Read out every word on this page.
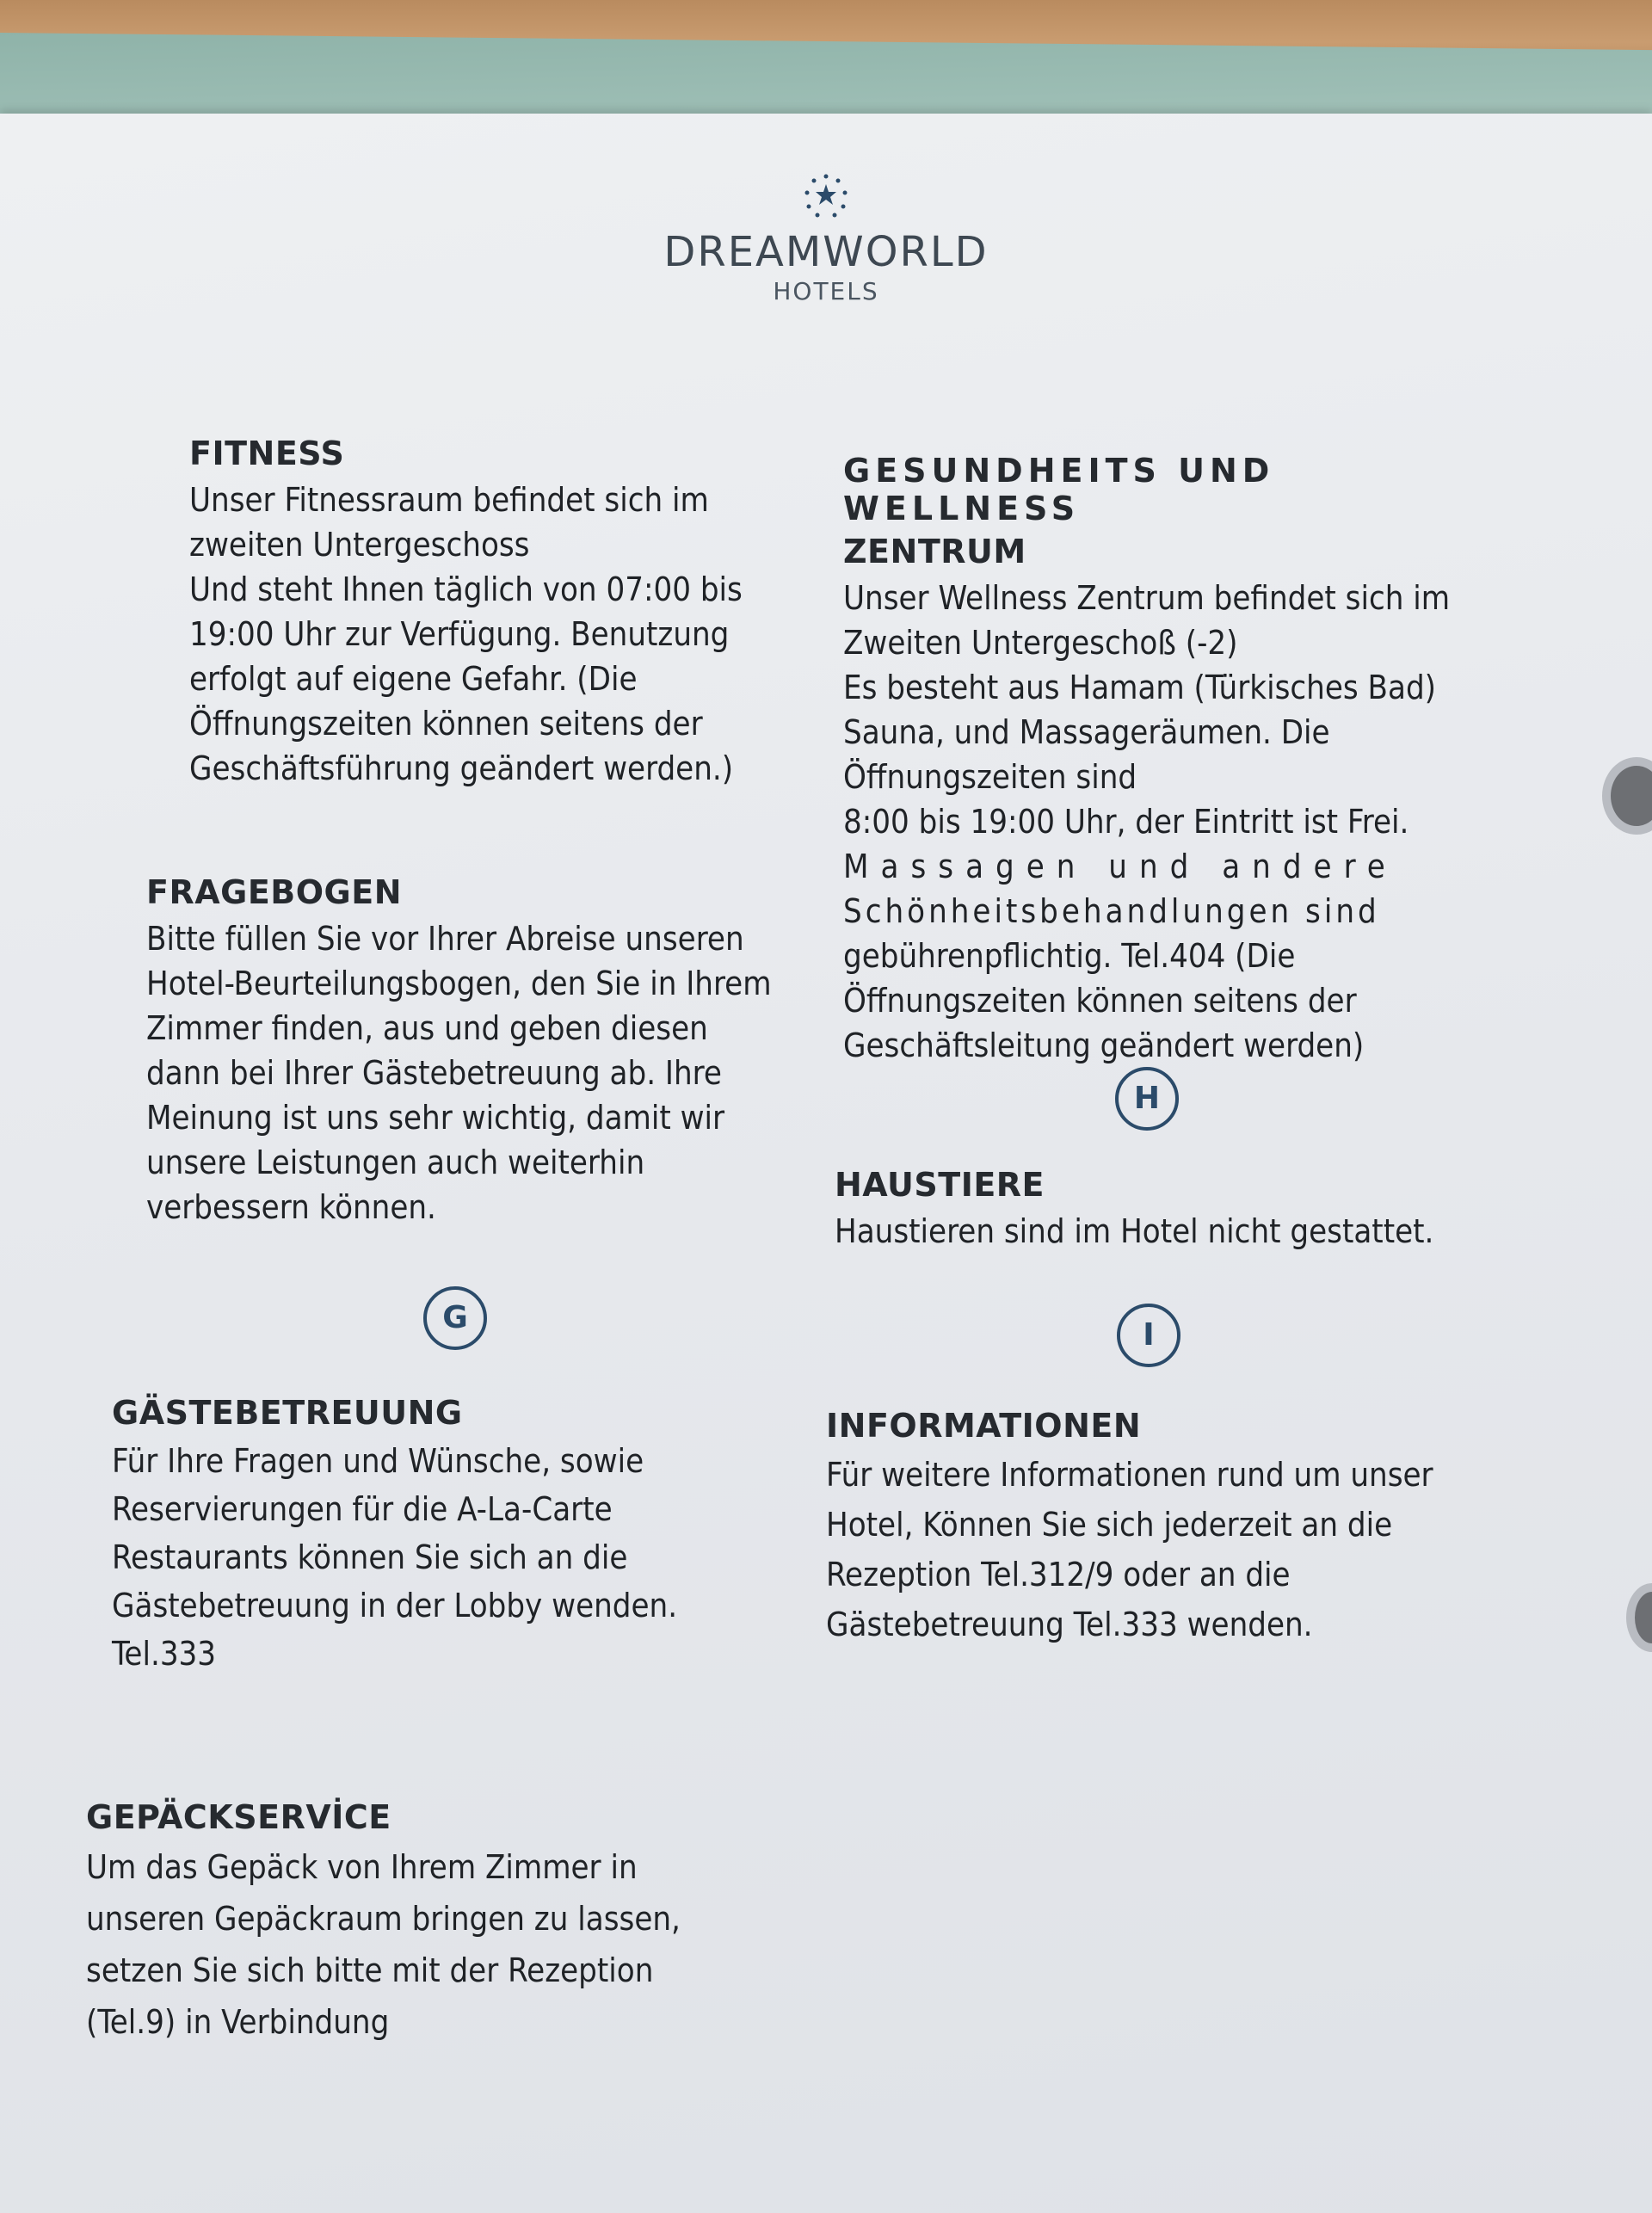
DREAMWORLD
HOTELS
FITNESS

Unser Fitnessraum befindet sich im
zweiten Untergeschoss
Und steht Ihnen täglich von 07:00 bis
19:00 Uhr zur Verfügung. Benutzung
erfolgt auf eigene Gefahr. (Die
Öffnungszeiten können seitens der
Geschäftsführung geändert werden.)

GESUNDHEITS UND WELLNESS
ZENTRUM

Unser Wellness Zentrum befindet sich im
Zweiten Untergeschoß (-2)
Es besteht aus Hamam (Türkisches Bad)
Sauna, und Massageräumen. Die
Öffnungszeiten sind
8:00 bis 19:00 Uhr, der Eintritt ist Frei.
Massagen und andere
Schönheitsbehandlungen sind
gebührenpflichtig. Tel.404 (Die
Öffnungszeiten können seitens der
Geschäftsleitung geändert werden)

FRAGEBOGEN

Bitte füllen Sie vor Ihrer Abreise unseren
Hotel-Beurteilungsbogen, den Sie in Ihrem
Zimmer finden, aus und geben diesen
dann bei Ihrer Gästebetreuung ab. Ihre
Meinung ist uns sehr wichtig, damit wir
unsere Leistungen auch weiterhin
verbessern können.

H
HAUSTIERE

Haustieren sind im Hotel nicht gestattet.

G	I
GÄSTEBETREUUNG

Für Ihre Fragen und Wünsche, sowie
Reservierungen für die A-La-Carte
Restaurants können Sie sich an die
Gästebetreuung in der Lobby wenden.
Tel.333

INFORMATIONEN

Für weitere Informationen rund um unser
Hotel, Können Sie sich jederzeit an die
Rezeption Tel.312/9 oder an die
Gästebetreuung Tel.333 wenden.

GEPÄCKSERVİCE

Um das Gepäck von Ihrem Zimmer in
unseren Gepäckraum bringen zu lassen,
setzen Sie sich bitte mit der Rezeption
(Tel.9) in Verbindung
